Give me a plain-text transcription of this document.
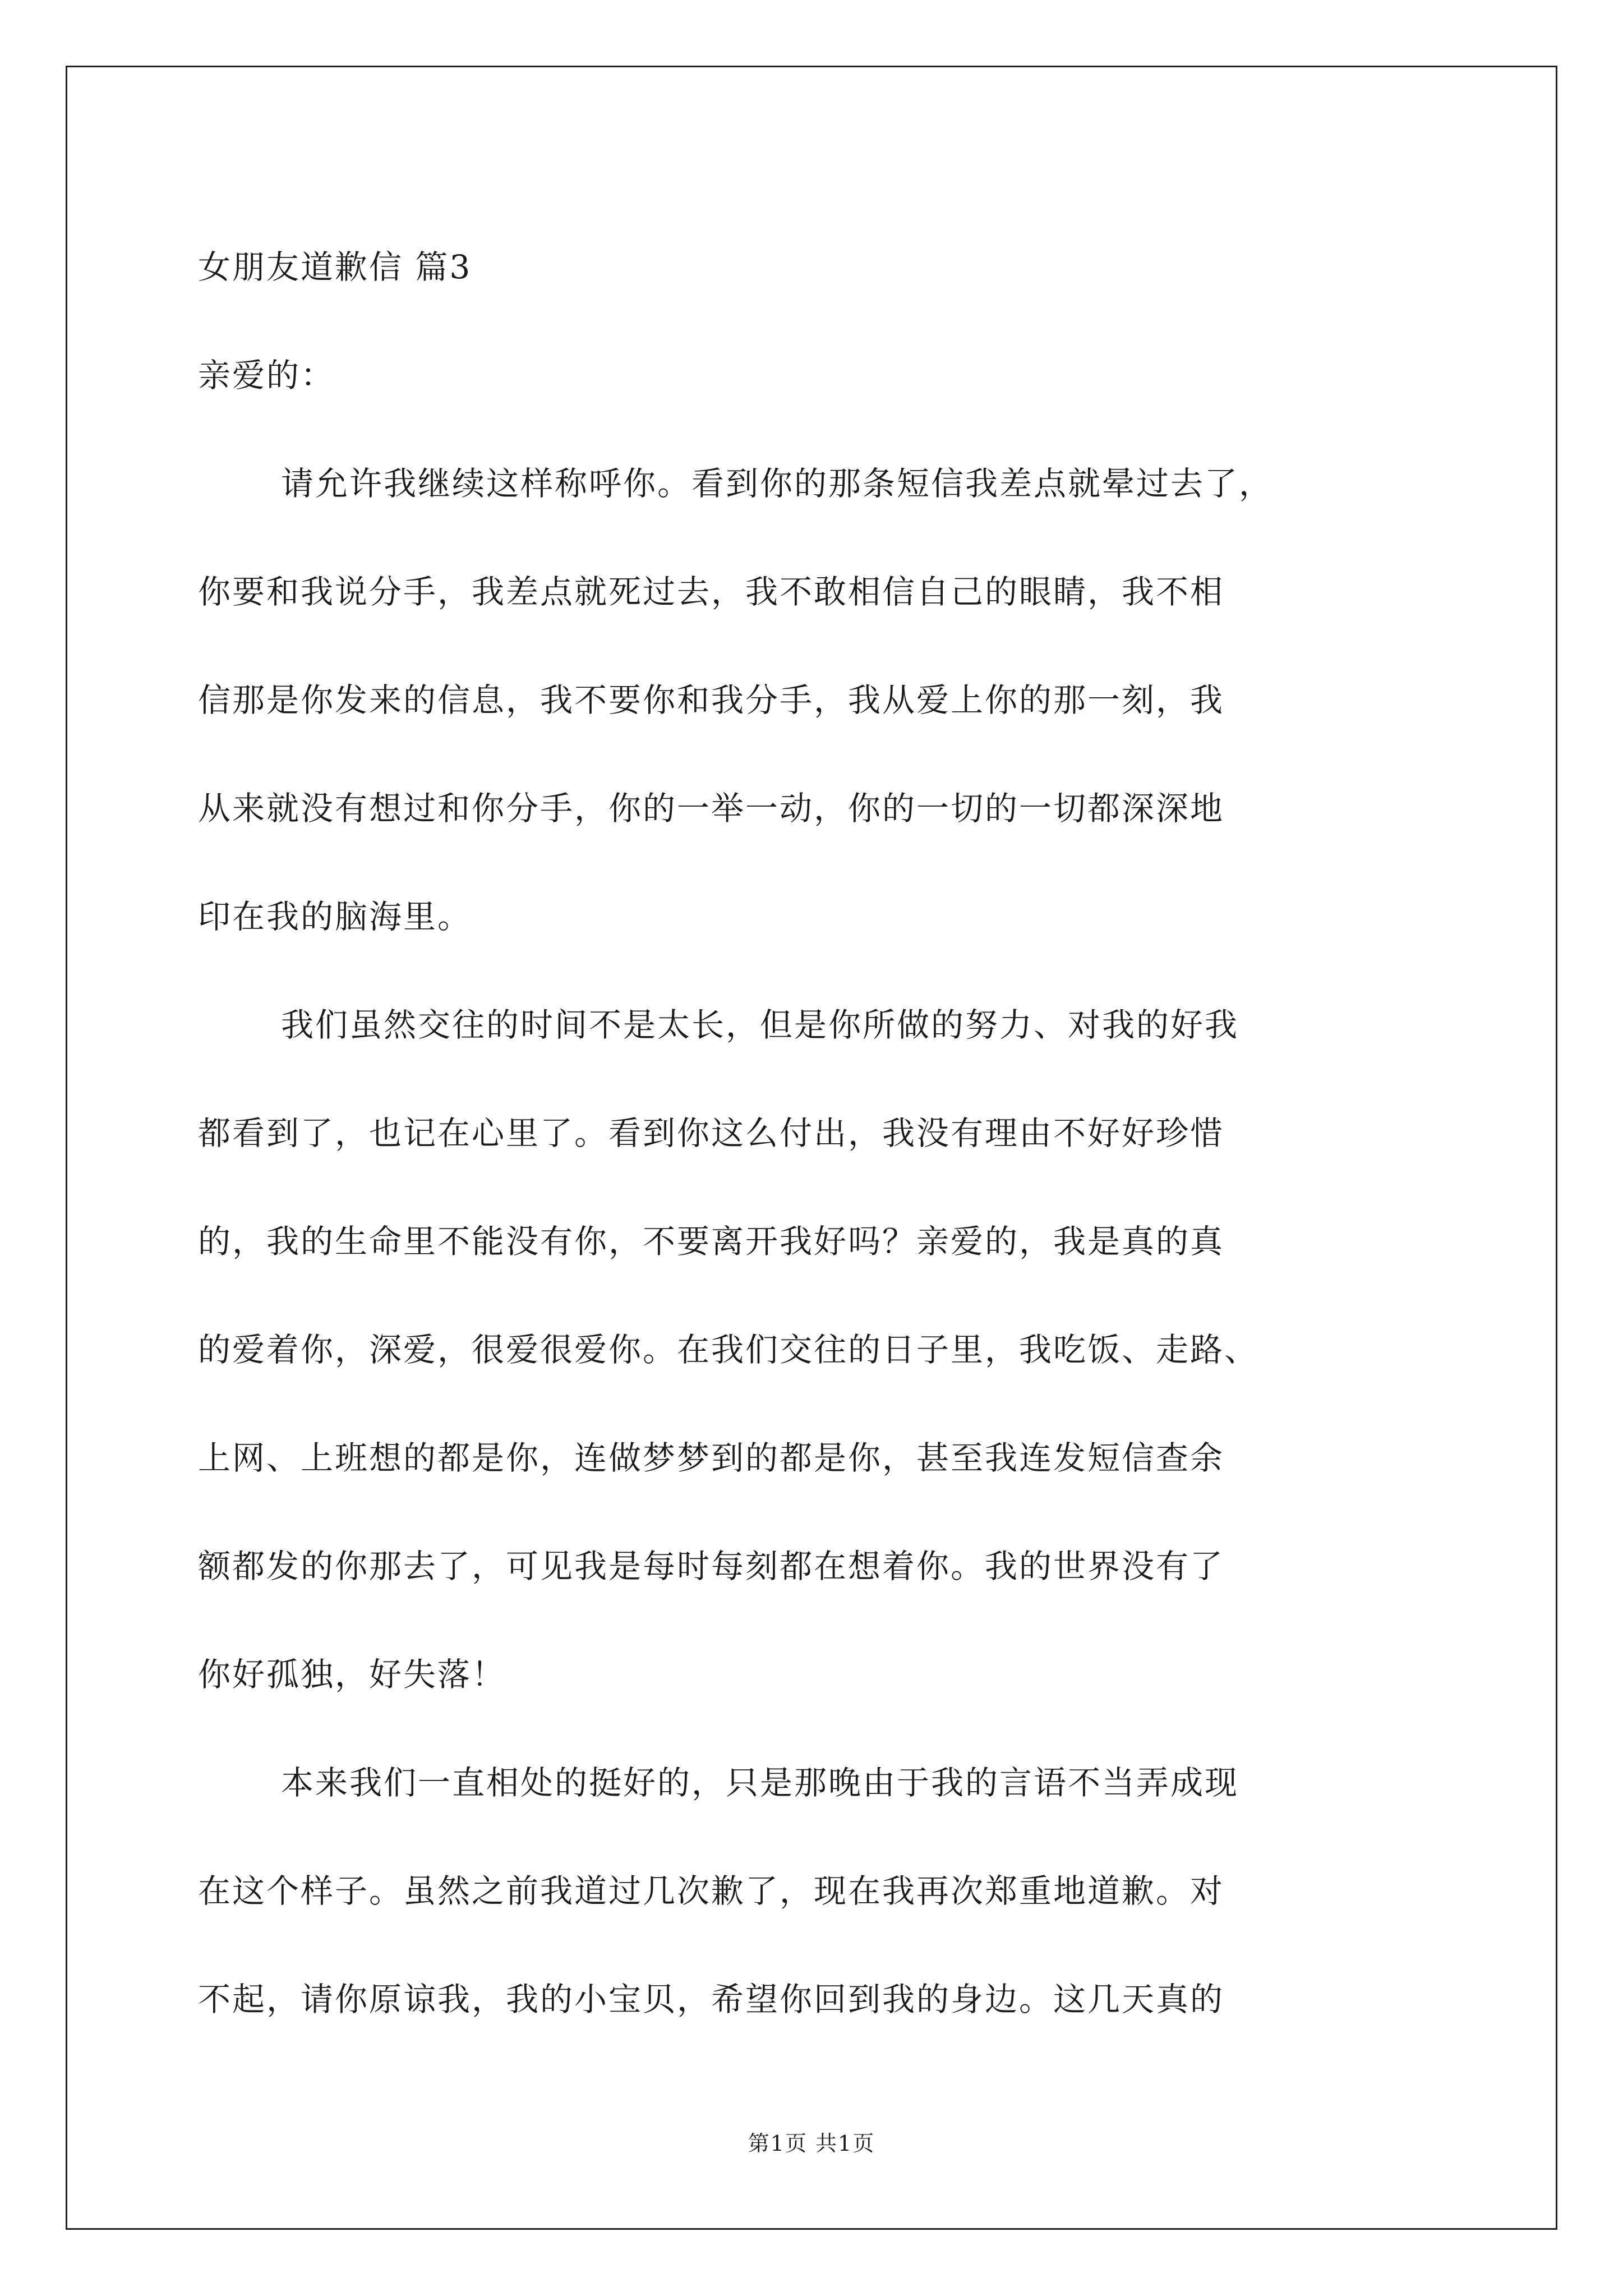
女朋友道歉信 篇3

亲爱的：

请允许我继续这样称呼你。看到你的那条短信我差点就晕过去了，
你要和我说分手，我差点就死过去，我不敢相信自己的眼睛，我不相
信那是你发来的信息，我不要你和我分手，我从爱上你的那一刻，我
从来就没有想过和你分手，你的一举一动，你的一切的一切都深深地
印在我的脑海里。

我们虽然交往的时间不是太长，但是你所做的努力、对我的好我
都看到了，也记在心里了。看到你这么付出，我没有理由不好好珍惜
的，我的生命里不能没有你，不要离开我好吗？亲爱的，我是真的真
的爱着你，深爱，很爱很爱你。在我们交往的日子里，我吃饭、走路、
上网、上班想的都是你，连做梦梦到的都是你，甚至我连发短信查余
额都发的你那去了，可见我是每时每刻都在想着你。我的世界没有了
你好孤独，好失落！

本来我们一直相处的挺好的，只是那晚由于我的言语不当弄成现
在这个样子。虽然之前我道过几次歉了，现在我再次郑重地道歉。对
不起，请你原谅我，我的小宝贝，希望你回到我的身边。这几天真的

第1页 共1页
